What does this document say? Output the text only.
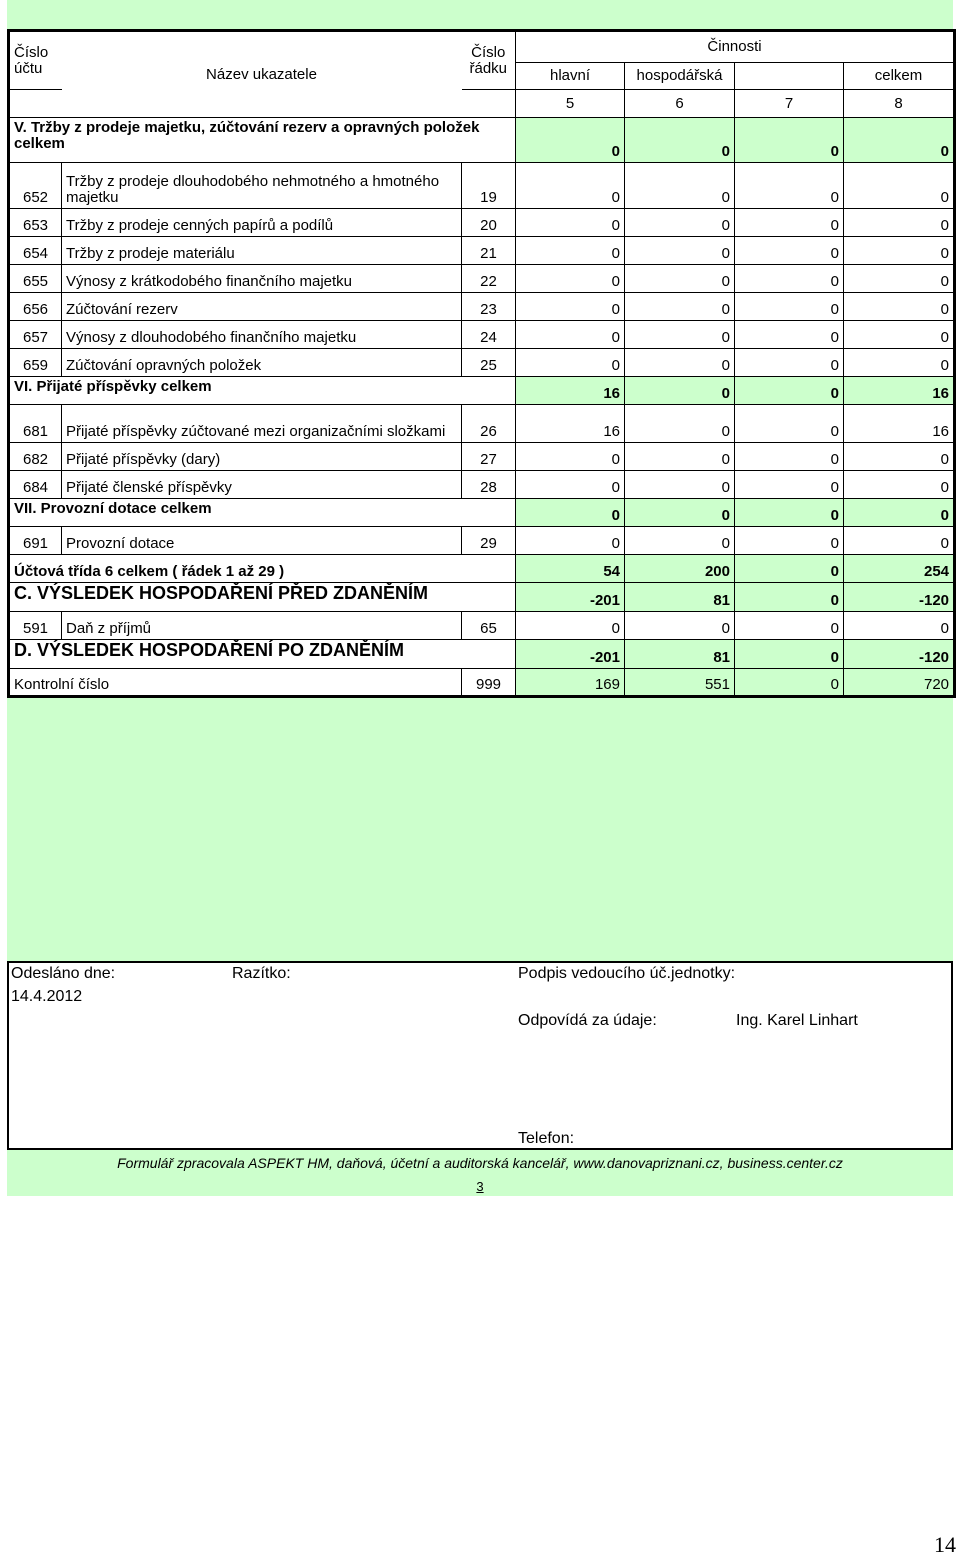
Číslo účtu	Název ukazatele	Číslo řádku	Činnosti			
			hlavní	hospodářská		celkem
			5	6	7	8
V. Tržby z prodeje majetku, zúčtování rezerv a opravných položek celkem			0	0	0	0
652	Tržby z prodeje dlouhodobého nehmotného a hmotného majetku	19	0	0	0	0
653	Tržby z prodeje cenných papírů a podílů	20	0	0	0	0
654	Tržby z prodeje materiálu	21	0	0	0	0
655	Výnosy z krátkodobého finančního majetku	22	0	0	0	0
656	Zúčtování rezerv	23	0	0	0	0
657	Výnosy z dlouhodobého finančního majetku	24	0	0	0	0
659	Zúčtování opravných položek	25	0	0	0	0
VI. Přijaté příspěvky celkem			16	0	0	16
681	Přijaté příspěvky zúčtované mezi organizačními složkami	26	16	0	0	16
682	Přijaté příspěvky (dary)	27	0	0	0	0
684	Přijaté členské příspěvky	28	0	0	0	0
VII. Provozní dotace celkem			0	0	0	0
691	Provozní dotace	29	0	0	0	0
Účtová třída 6 celkem ( řádek 1 až 29 )			54	200	0	254
C. VÝSLEDEK HOSPODAŘENÍ PŘED ZDANĚNÍM			-201	81	0	-120
591	Daň z příjmů	65	0	0	0	0
D. VÝSLEDEK HOSPODAŘENÍ PO ZDANĚNÍM			-201	81	0	-120
Kontrolní číslo		999	169	551	0	720
Odesláno dne:
14.4.2012
Razítko:	Podpis vedoucího úč.jednotky:
Odpovídá za údaje:	Ing. Karel Linhart
Telefon:
Formulář zpracovala ASPEKT HM, daňová, účetní a auditorská kancelář, www.danovapriznani.cz, business.center.cz
3
14
